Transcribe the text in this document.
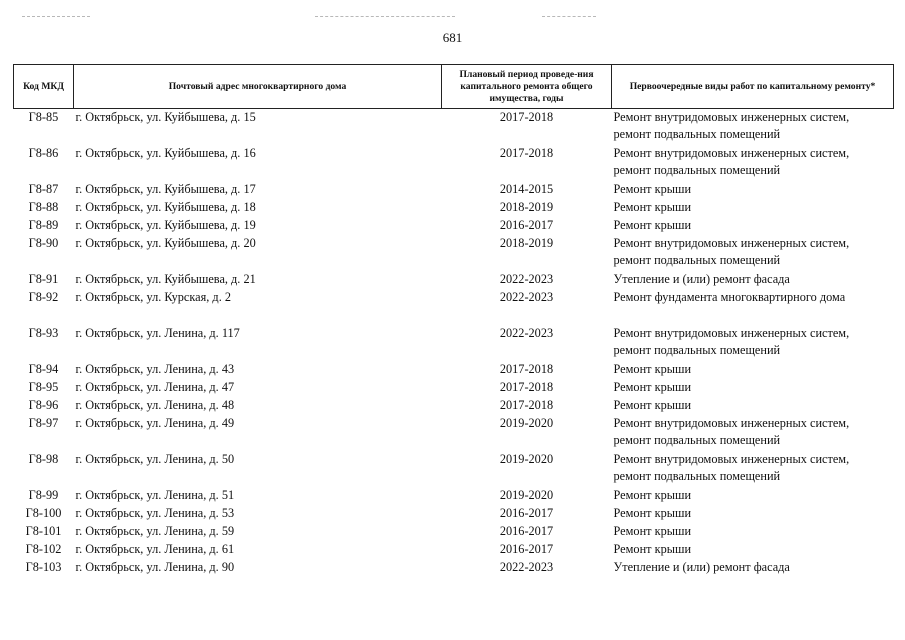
681
Код МКД	Почтовый адрес многоквартирного дома	Плановый период проведе-ния капитального ремонта общего имущества, годы	Первоочередные виды работ по капитальному ремонту*
Г8-85	г. Октябрьск, ул. Куйбышева, д. 15	2017-2018	Ремонт внутридомовых инженерных систем,
ремонт подвальных помещений

Г8-86	г. Октябрьск, ул. Куйбышева, д. 16	2017-2018	Ремонт внутридомовых инженерных систем,
ремонт подвальных помещений

Г8-87	г. Октябрьск, ул. Куйбышева, д. 17	2014-2015	Ремонт крыши

Г8-88	г. Октябрьск, ул. Куйбышева, д. 18	2018-2019	Ремонт крыши

Г8-89	г. Октябрьск, ул. Куйбышева, д. 19	2016-2017	Ремонт крыши

Г8-90	г. Октябрьск, ул. Куйбышева, д. 20	2018-2019	Ремонт внутридомовых инженерных систем,
ремонт подвальных помещений

Г8-91	г. Октябрьск, ул. Куйбышева, д. 21	2022-2023	Утепление и (или) ремонт фасада

Г8-92	г. Октябрьск, ул. Курская, д. 2	2022-2023	Ремонт фундамента многоквартирного дома

Г8-93	г. Октябрьск, ул. Ленина, д. 117	2022-2023	Ремонт внутридомовых инженерных систем,
ремонт подвальных помещений

Г8-94	г. Октябрьск, ул. Ленина, д. 43	2017-2018	Ремонт крыши

Г8-95	г. Октябрьск, ул. Ленина, д. 47	2017-2018	Ремонт крыши

Г8-96	г. Октябрьск, ул. Ленина, д. 48	2017-2018	Ремонт крыши

Г8-97	г. Октябрьск, ул. Ленина, д. 49	2019-2020	Ремонт внутридомовых инженерных систем,
ремонт подвальных помещений

Г8-98	г. Октябрьск, ул. Ленина, д. 50	2019-2020	Ремонт внутридомовых инженерных систем,
ремонт подвальных помещений

Г8-99	г. Октябрьск, ул. Ленина, д. 51	2019-2020	Ремонт крыши

Г8-100	г. Октябрьск, ул. Ленина, д. 53	2016-2017	Ремонт крыши

Г8-101	г. Октябрьск, ул. Ленина, д. 59	2016-2017	Ремонт крыши

Г8-102	г. Октябрьск, ул. Ленина, д. 61	2016-2017	Ремонт крыши

Г8-103	г. Октябрьск, ул. Ленина, д. 90	2022-2023	Утепление и (или) ремонт фасада
